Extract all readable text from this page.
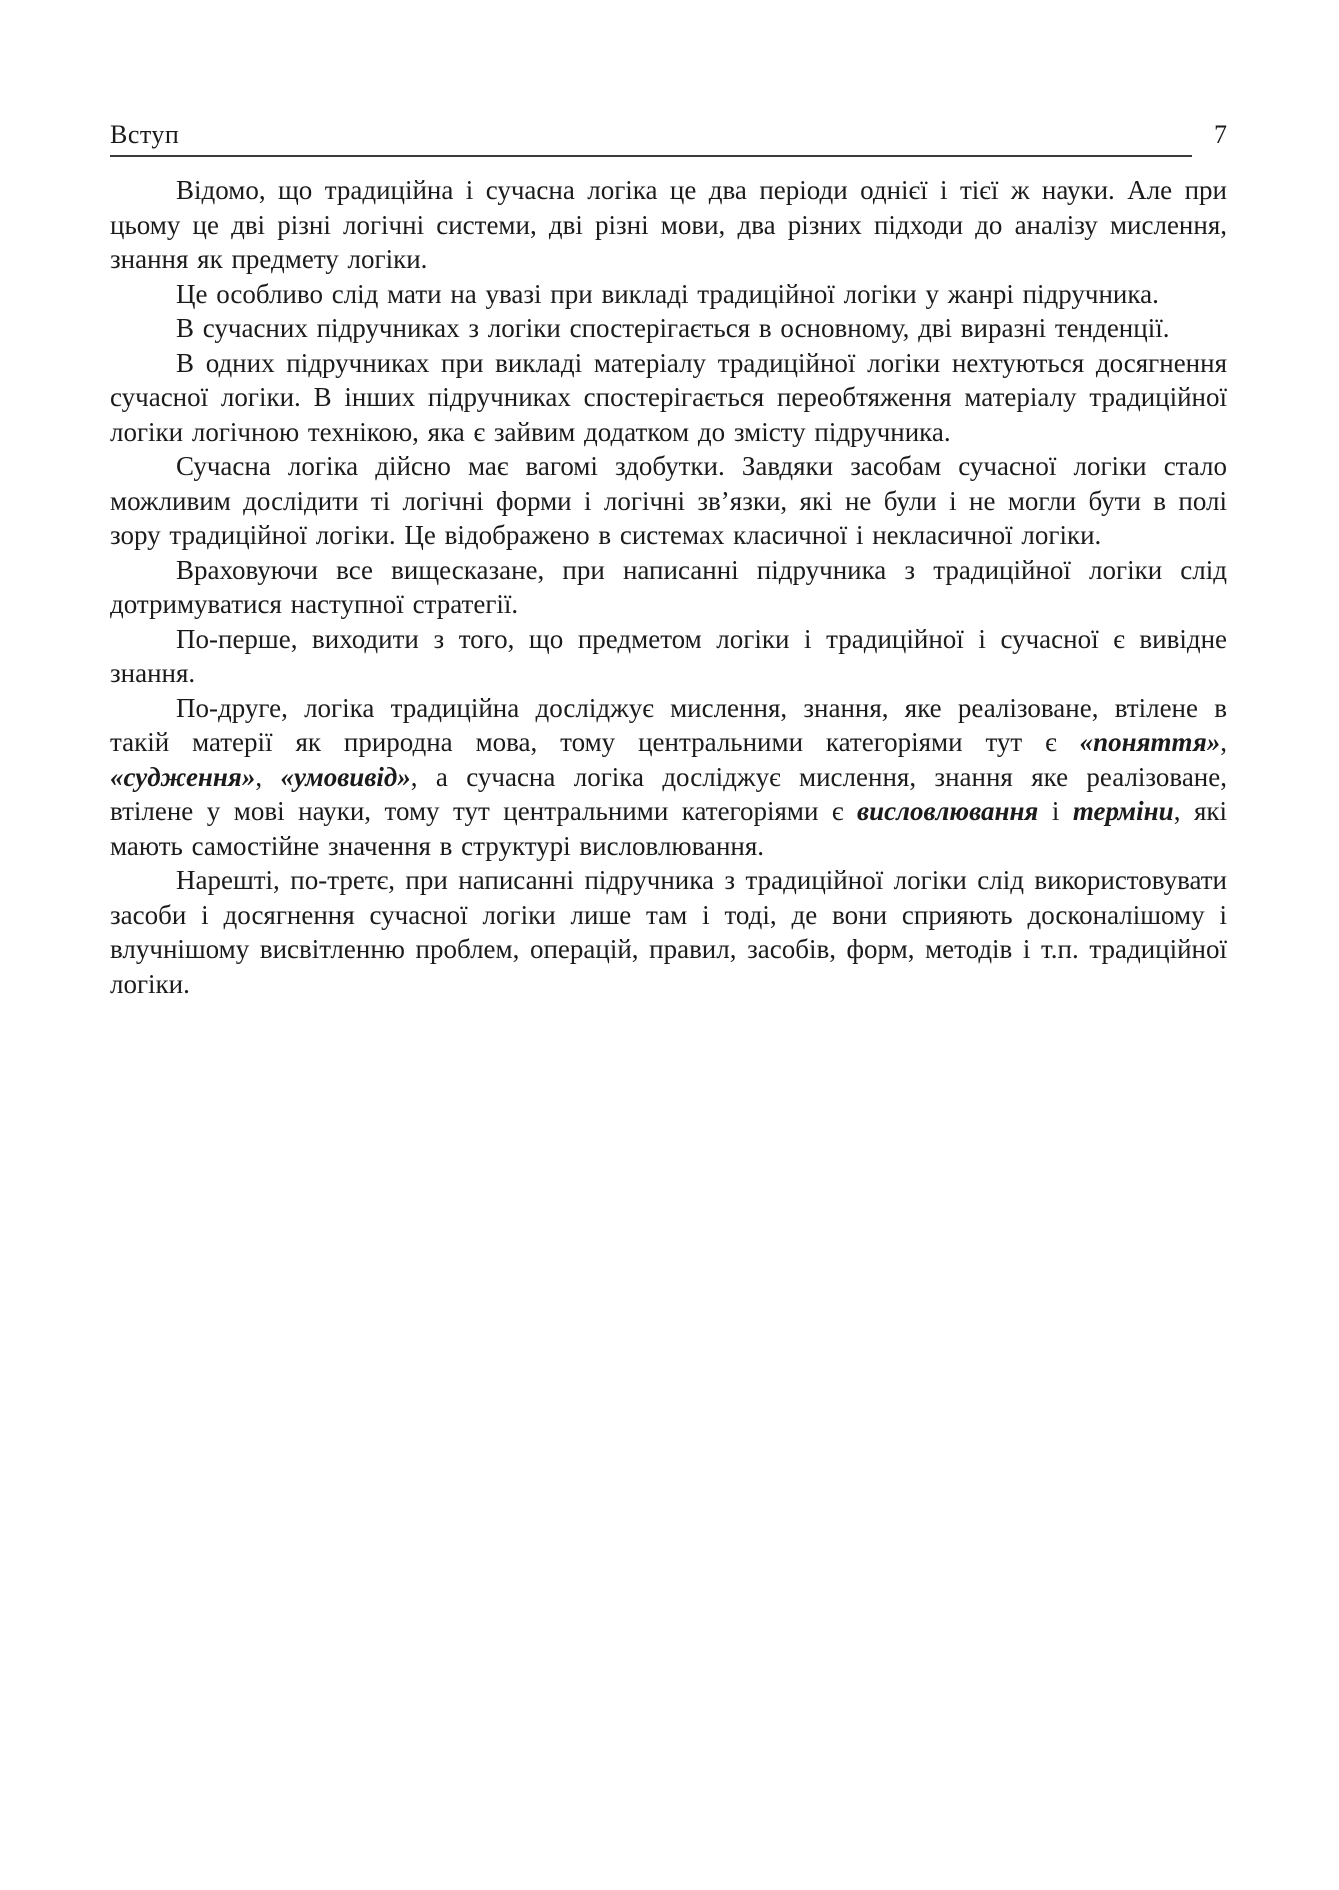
Вступ	7

Відомо, що традиційна і сучасна логіка це два періоди однієї і тієї ж науки. Але при цьому це дві різні логічні системи, дві різні мови, два різних підходи до аналізу мислення, знання як предмету логіки.

Це особливо слід мати на увазі при викладі традиційної логіки у жанрі підручника.

В сучасних підручниках з логіки спостерігається в основному, дві виразні тенденції.

В одних підручниках при викладі матеріалу традиційної логіки нехтуються досягнення сучасної логіки. В інших підручниках спостерігається переобтяження матеріалу традиційної логіки логічною технікою, яка є зайвим додатком до змісту підручника.

Сучасна логіка дійсно має вагомі здобутки. Завдяки засобам сучасної логіки стало можливим дослідити ті логічні форми і логічні зв’язки, які не були і не могли бути в полі зору традиційної логіки. Це відображено в системах класичної і некласичної логіки.

Враховуючи все вищесказане, при написанні підручника з традиційної логіки слід дотримуватися наступної стратегії.

По-перше, виходити з того, що предметом логіки і традиційної і сучасної є вивідне знання.

По-друге, логіка традиційна досліджує мислення, знання, яке реалізоване, втілене в такій матерії як природна мова, тому центральними категоріями тут є «поняття», «судження», «умовивід», а сучасна логіка досліджує мислення, знання яке реалізоване, втілене у мові науки, тому тут центральними категоріями є висловлювання і терміни, які мають самостійне значення в структурі висловлювання.

Нарешті, по-третє, при написанні підручника з традиційної логіки слід використовувати засоби і досягнення сучасної логіки лише там і тоді, де вони сприяють досконалішому і влучнішому висвітленню проблем, операцій, правил, засобів, форм, методів і т.п. традиційної логіки.
